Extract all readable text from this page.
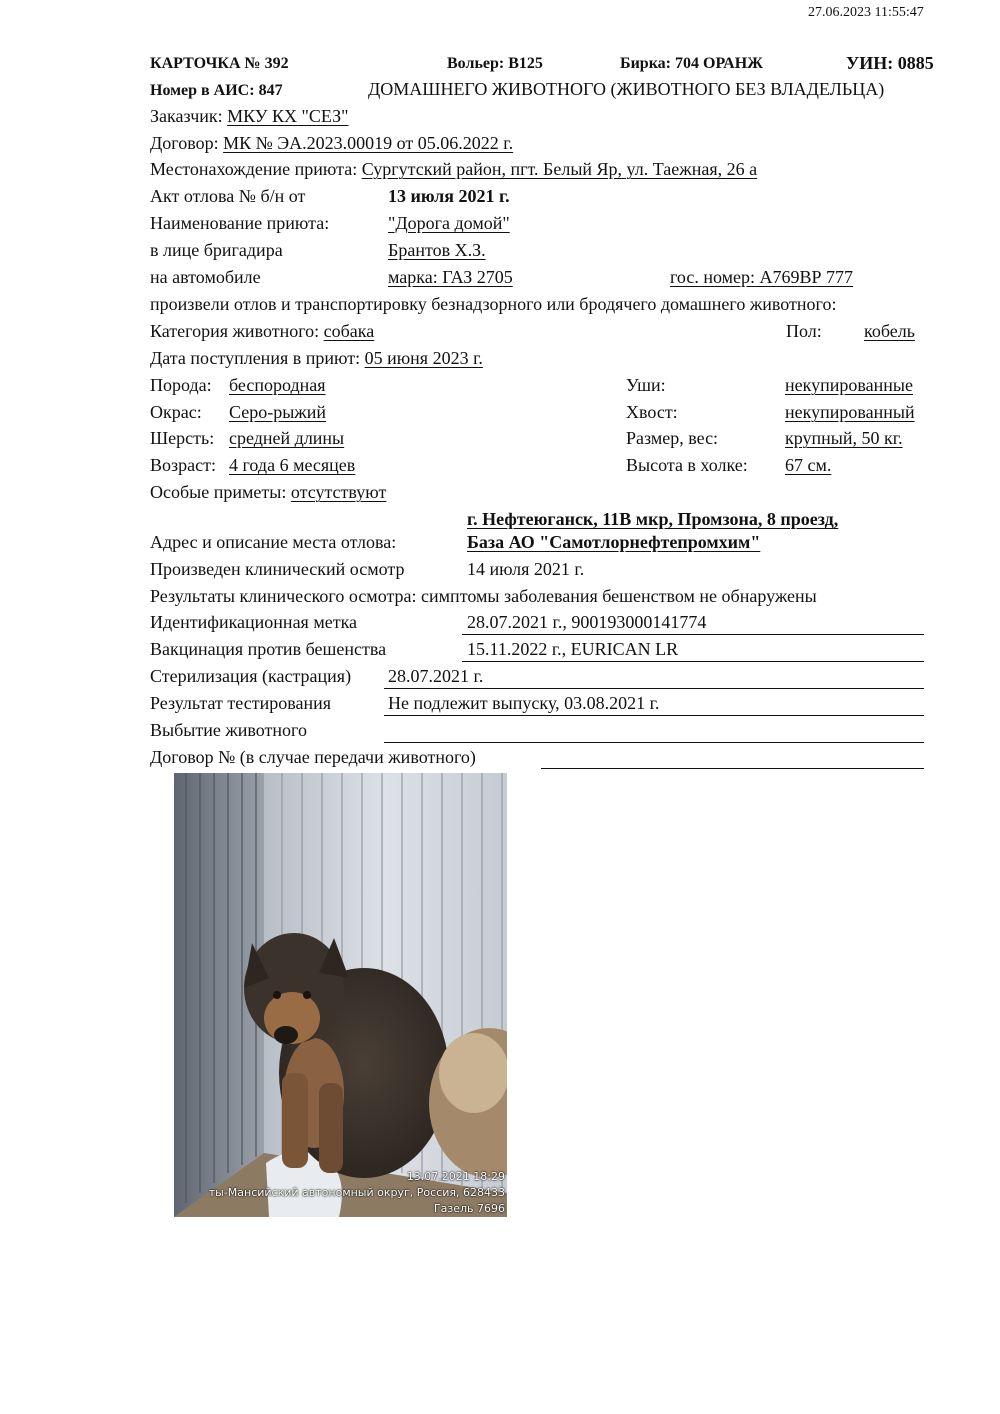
27.06.2023 11:55:47
КАРТОЧКА № 392	Вольер: В125	Бирка: 704 ОРАНЖ	УИН: 0885
Номер в АИС: 847	ДОМАШНЕГО ЖИВОТНОГО (ЖИВОТНОГО БЕЗ ВЛАДЕЛЬЦА)
Заказчик: МКУ КХ "СЕЗ"
Договор: МК № ЭА.2023.00019 от 05.06.2022 г.
Местонахождение приюта: Сургутский район, пгт. Белый Яр, ул. Таежная, 26 а
Акт отлова № б/н от	13 июля 2021 г.
Наименование приюта:	"Дорога домой"
в лице бригадира	Брантов Х.З.
на автомобиле	марка: ГАЗ 2705	гос. номер: А769ВР 777
произвели отлов и транспортировку безнадзорного или бродячего домашнего животного:
Категория животного: собака	Пол: кобель
Дата поступления в приют: 05 июня 2023 г.
Порода: беспородная	Уши:	некупированные
Окрас: Серо-рыжий	Хвост:	некупированный
Шерсть: средней длины	Размер, вес:	крупный, 50 кг.
Возраст: 4 года 6 месяцев	Высота в холке: 67 см.
Особые приметы: отсутствуют
г. Нефтеюганск, 11В мкр, Промзона, 8 проезд,
Адрес и описание места отлова:	База АО "Самотлорнефтепромхим"
Произведен клинический осмотр	14 июля 2021 г.
Результаты клинического осмотра: симптомы заболевания бешенством не обнаружены
Идентификационная метка	28.07.2021 г., 900193000141774
Вакцинация против бешенства	15.11.2022 г., EURICAN LR
Стерилизация (кастрация) 28.07.2021 г.
Результат тестирования	Не подлежит выпуску, 03.08.2021 г.
Выбытие животного
Договор № (в случае передачи животного)
13.07.2021 18:29
ты-Мансийский автономный округ, Россия, 628433
Газель 7696
